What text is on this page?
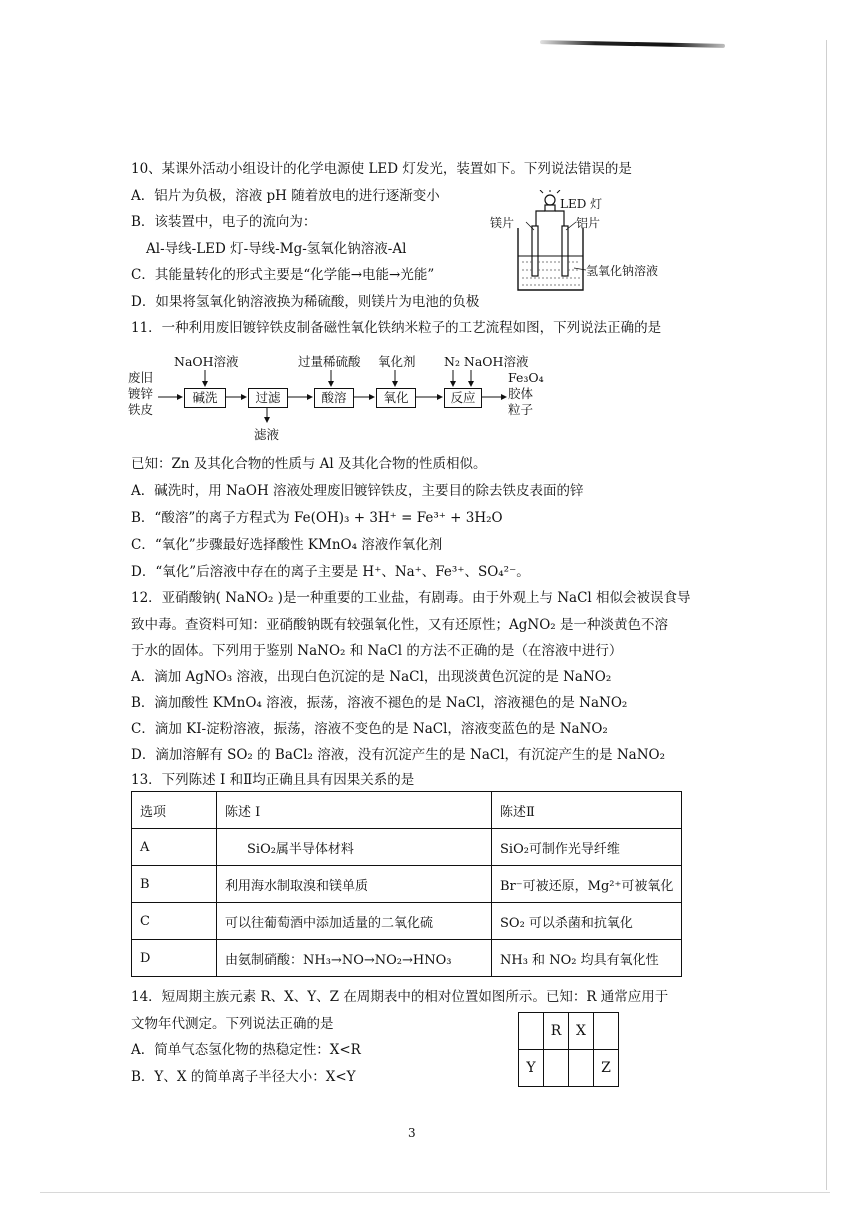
10、某课外活动小组设计的化学电源使 LED 灯发光，装置如下。下列说法错误的是
A．铝片为负极，溶液 pH 随着放电的进行逐渐变小
B．该装置中，电子的流向为：
Al-导线-LED 灯-导线-Mg-氢氧化钠溶液-Al
C．其能量转化的形式主要是“化学能→电能→光能”
D．如果将氢氧化钠溶液换为稀硫酸，则镁片为电池的负极
LED 灯
镁片	铝片
氢氧化钠溶液
11．一种利用废旧镀锌铁皮制备磁性氧化铁纳米粒子的工艺流程如图，下列说法正确的是
废旧
镀锌
铁皮
NaOH溶液	过量稀硫酸 氧化剂 N₂ NaOH溶液
碱洗	过滤	酸溶	氧化	反应
滤液
Fe₃O₄
胶体
粒子
已知：Zn 及其化合物的性质与 Al 及其化合物的性质相似。
A．碱洗时，用 NaOH 溶液处理废旧镀锌铁皮，主要目的除去铁皮表面的锌
B．“酸溶”的离子方程式为 Fe(OH)₃ + 3H⁺ = Fe³⁺ + 3H₂O
C．“氧化”步骤最好选择酸性 KMnO₄ 溶液作氧化剂
D．“氧化”后溶液中存在的离子主要是 H⁺、Na⁺、Fe³⁺、SO₄²⁻。
12．亚硝酸钠( NaNO₂ )是一种重要的工业盐，有剧毒。由于外观上与 NaCl 相似会被误食导
致中毒。查资料可知：亚硝酸钠既有较强氧化性，又有还原性；AgNO₂ 是一种淡黄色不溶
于水的固体。下列用于鉴别 NaNO₂ 和 NaCl 的方法不正确的是（在溶液中进行）
A．滴加 AgNO₃ 溶液，出现白色沉淀的是 NaCl，出现淡黄色沉淀的是 NaNO₂
B．滴加酸性 KMnO₄ 溶液，振荡，溶液不褪色的是 NaCl，溶液褪色的是 NaNO₂
C．滴加 KI-淀粉溶液，振荡，溶液不变色的是 NaCl，溶液变蓝色的是 NaNO₂
D．滴加溶解有 SO₂ 的 BaCl₂ 溶液，没有沉淀产生的是 NaCl，有沉淀产生的是 NaNO₂
13．下列陈述 I 和Ⅱ均正确且具有因果关系的是
选项	陈述 I	陈述Ⅱ
A	SiO₂属半导体材料	SiO₂可制作光导纤维
B	利用海水制取溴和镁单质	Br⁻可被还原，Mg²⁺可被氧化
C	可以往葡萄酒中添加适量的二氧化硫	SO₂ 可以杀菌和抗氧化
D	由氨制硝酸：NH₃→NO→NO₂→HNO₃	NH₃ 和 NO₂ 均具有氧化性
14．短周期主族元素 R、X、Y、Z 在周期表中的相对位置如图所示。已知：R 通常应用于
文物年代测定。下列说法正确的是
A．简单气态氢化物的热稳定性：X<R
B．Y、X 的简单离子半径大小：X<Y
	R	X	
Y			Z
3
